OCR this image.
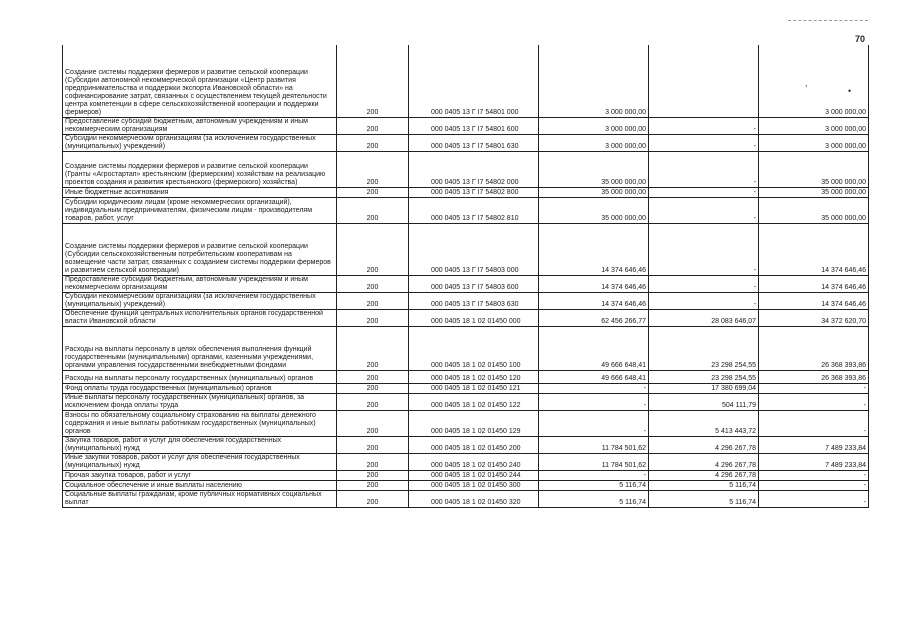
70
,
•
Создание системы поддержки фермеров и развитие сельской кооперации (Субсидии автономной некоммерческой организации «Центр развития предпринимательства и поддержки экспорта Ивановской области» на софинансирование затрат, связанных с осуществлением текущей деятельности центра компетенции в сфере сельскохозяйственной кооперации и поддержки фермеров)	200	000 0405 13 Г I7 54801 000	3 000 000,00		3 000 000,00
Предоставление субсидий бюджетным, автономным учреждениям и иным некоммерческим организациям	200	000 0405 13 Г I7 54801 600	3 000 000,00	-	3 000 000,00
Субсидии некоммерческим организациям (за исключением государственных (муниципальных) учреждений)	200	000 0405 13 Г I7 54801 630	3 000 000,00	-	3 000 000,00
Создание системы поддержки фермеров и развитие сельской кооперации (Гранты «Агростартап» крестьянским (фермерским) хозяйствам на реализацию проектов создания и развития крестьянского (фермерского) хозяйства)	200	000 0405 13 Г I7 54802 000	35 000 000,00	-	35 000 000,00
Иные бюджетные ассигнования	200	000 0405 13 Г I7 54802 800	35 000 000,00	-	35 000 000,00
Субсидии юридическим лицам (кроме некоммерческих организаций), индивидуальным предпринимателям, физическим лицам - производителям товаров, работ, услуг	200	000 0405 13 Г I7 54802 810	35 000 000,00	-	35 000 000,00
Создание системы поддержки фермеров и развитие сельской кооперации (Субсидии сельскохозяйственным потребительским кооперативам на возмещение части затрат, связанных с созданием системы поддержки фермеров и развитием сельской кооперации)	200	000 0405 13 Г I7 54803 000	14 374 646,46	-	14 374 646,46
Предоставление субсидий бюджетным, автономным учреждениям и иным некоммерческим организациям	200	000 0405 13 Г I7 54803 600	14 374 646,46	-	14 374 646,46
Субсидии некоммерческим организациям (за исключением государственных (муниципальных) учреждений)	200	000 0405 13 Г I7 54803 630	14 374 646,46	-	14 374 646,46
Обеспечение функций центральных исполнительных органов государственной власти Ивановской области	200	000 0405 18 1 02 01450 000	62 456 266,77	28 083 646,07	34 372 620,70
Расходы на выплаты персоналу в целях обеспечения выполнения функций государственными (муниципальными) органами, казенными учреждениями, органами управления государственными внебюджетными фондами	200	000 0405 18 1 02 01450 100	49 666 648,41	23 298 254,55	26 368 393,86
Расходы на выплаты персоналу государственных (муниципальных) органов	200	000 0405 18 1 02 01450 120	49 666 648,41	23 298 254,55	26 368 393,86
Фонд оплаты труда государственных (муниципальных) органов	200	000 0405 18 1 02 01450 121	-	17 380 699,04	-
Иные выплаты персоналу государственных (муниципальных) органов, за исключением фонда оплаты труда	200	000 0405 18 1 02 01450 122	-	504 111,79	-
Взносы по обязательному социальному страхованию на выплаты денежного содержания и иные выплаты работникам государственных (муниципальных) органов	200	000 0405 18 1 02 01450 129	-	5 413 443,72	-
Закупка товаров, работ и услуг для обеспечения государственных (муниципальных) нужд	200	000 0405 18 1 02 01450 200	11 784 501,62	4 296 267,78	7 489 233,84
Иные закупки товаров, работ и услуг для обеспечения государственных (муниципальных) нужд	200	000 0405 18 1 02 01450 240	11 784 501,62	4 296 267,78	7 489 233,84
Прочая закупка товаров, работ и услуг	200	000 0405 18 1 02 01450 244	-	4 296 267,78	-
Социальное обеспечение и иные выплаты населению	200	000 0405 18 1 02 01450 300	5 116,74	5 116,74	-
Социальные выплаты гражданам, кроме публичных нормативных социальных выплат	200	000 0405 18 1 02 01450 320	5 116,74	5 116,74	-
